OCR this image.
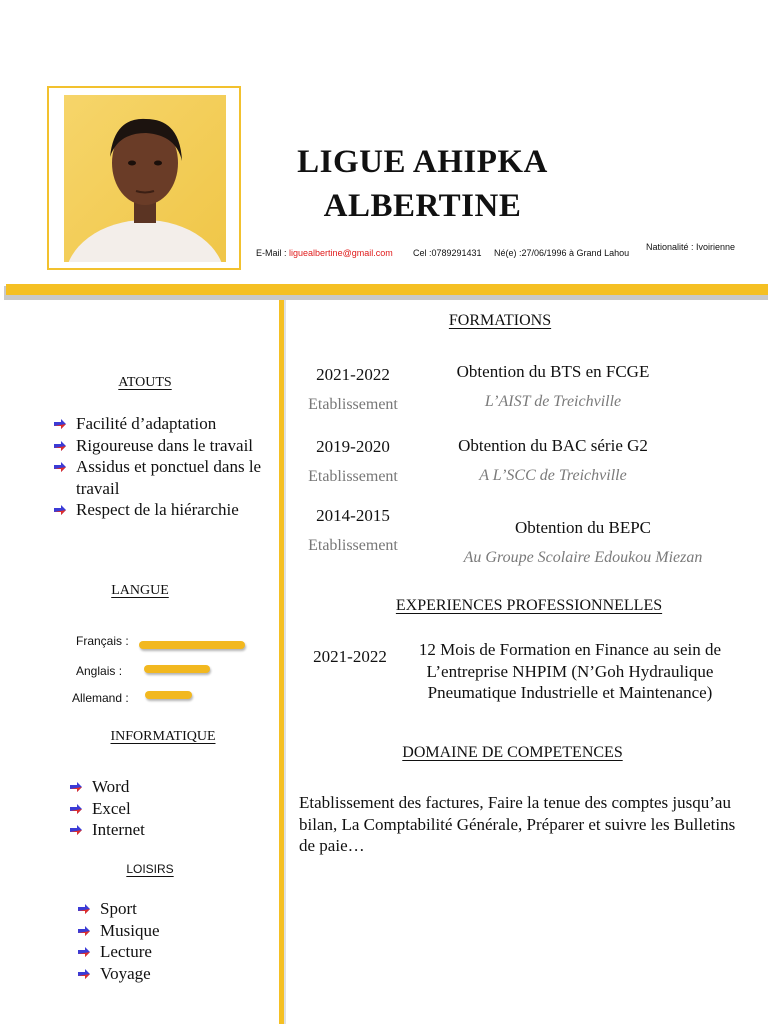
LIGUE AHIPKA
ALBERTINE
E-Mail : liguealbertine@gmail.com Cel :0789291431 Né(e) :27/06/1996 à Grand Lahou
Nationalité : Ivoirienne
ATOUTS
Facilité d’adaptation
Rigoureuse dans le travail
Assidus et ponctuel dans le travail
Respect de la hiérarchie
LANGUE
Français :
Anglais :
Allemand :
INFORMATIQUE
Word
Excel
Internet
LOISIRS
Sport
Musique
Lecture
Voyage
FORMATIONS
2021-2022
Etablissement
Obtention du BTS en FCGE
L’AIST de Treichville
2019-2020
Etablissement
Obtention du BAC série G2
A L’SCC de Treichville
2014-2015
Etablissement
Obtention du BEPC
Au Groupe Scolaire Edoukou Miezan
EXPERIENCES PROFESSIONNELLES
2021-2022	12 Mois de Formation en Finance au sein de L’entreprise NHPIM (N’Goh Hydraulique Pneumatique Industrielle et Maintenance)
DOMAINE DE COMPETENCES
Etablissement des factures, Faire la tenue des comptes jusqu’au bilan, La Comptabilité Générale, Préparer et suivre les Bulletins de paie…
